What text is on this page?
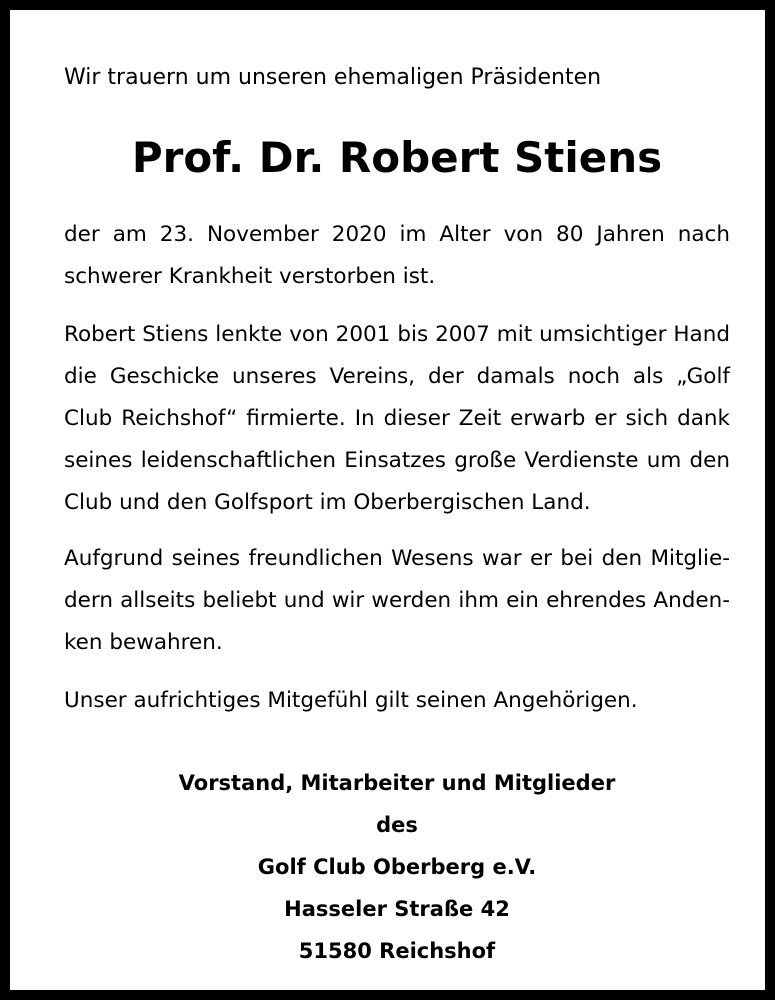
Wir trauern um unseren ehemaligen Präsidenten

Prof. Dr. Robert Stiens

der am 23. November 2020 im Alter von 80 Jahren nach schwerer Krankheit verstorben ist.

Robert Stiens lenkte von 2001 bis 2007 mit umsichtiger Hand die Geschicke unseres Vereins, der damals noch als „Golf Club Reichshof“ firmierte. In dieser Zeit erwarb er sich dank seines leidenschaftlichen Einsatzes große Verdienste um den Club und den Golfsport im Oberbergischen Land.

Aufgrund seines freundlichen Wesens war er bei den Mitgliedern allseits beliebt und wir werden ihm ein ehrendes Andenken bewahren.

Unser aufrichtiges Mitgefühl gilt seinen Angehörigen.

Vorstand, Mitarbeiter und Mitglieder
des
Golf Club Oberberg e.V.
Hasseler Straße 42
51580 Reichshof
